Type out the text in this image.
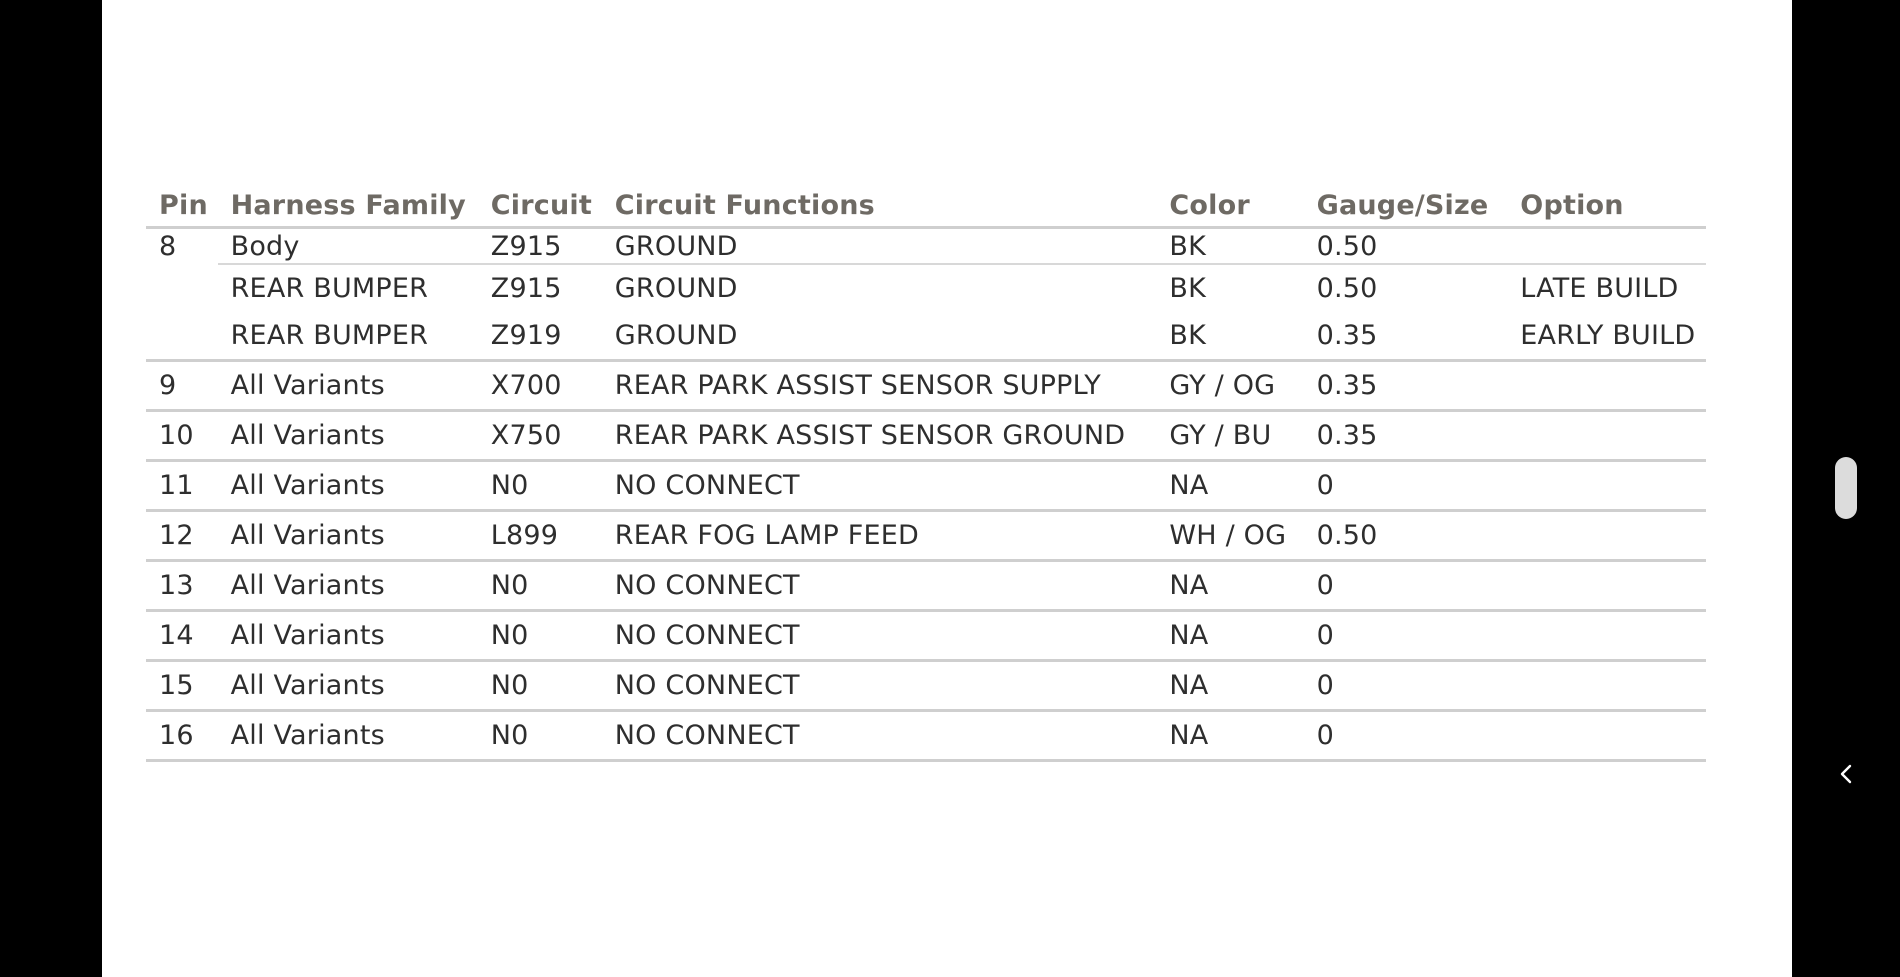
Pin	Harness Family	Circuit	Circuit Functions	Color	Gauge/Size	Option
8	Body	Z915	GROUND	BK	0.50	
	REAR BUMPER	Z915	GROUND	BK	0.50	LATE BUILD
	REAR BUMPER	Z919	GROUND	BK	0.35	EARLY BUILD
9	All Variants	X700	REAR PARK ASSIST SENSOR SUPPLY	GY / OG	0.35	
10	All Variants	X750	REAR PARK ASSIST SENSOR GROUND	GY / BU	0.35	
11	All Variants	N0	NO CONNECT	NA	0	
12	All Variants	L899	REAR FOG LAMP FEED	WH / OG	0.50	
13	All Variants	N0	NO CONNECT	NA	0	
14	All Variants	N0	NO CONNECT	NA	0	
15	All Variants	N0	NO CONNECT	NA	0	
16	All Variants	N0	NO CONNECT	NA	0	
